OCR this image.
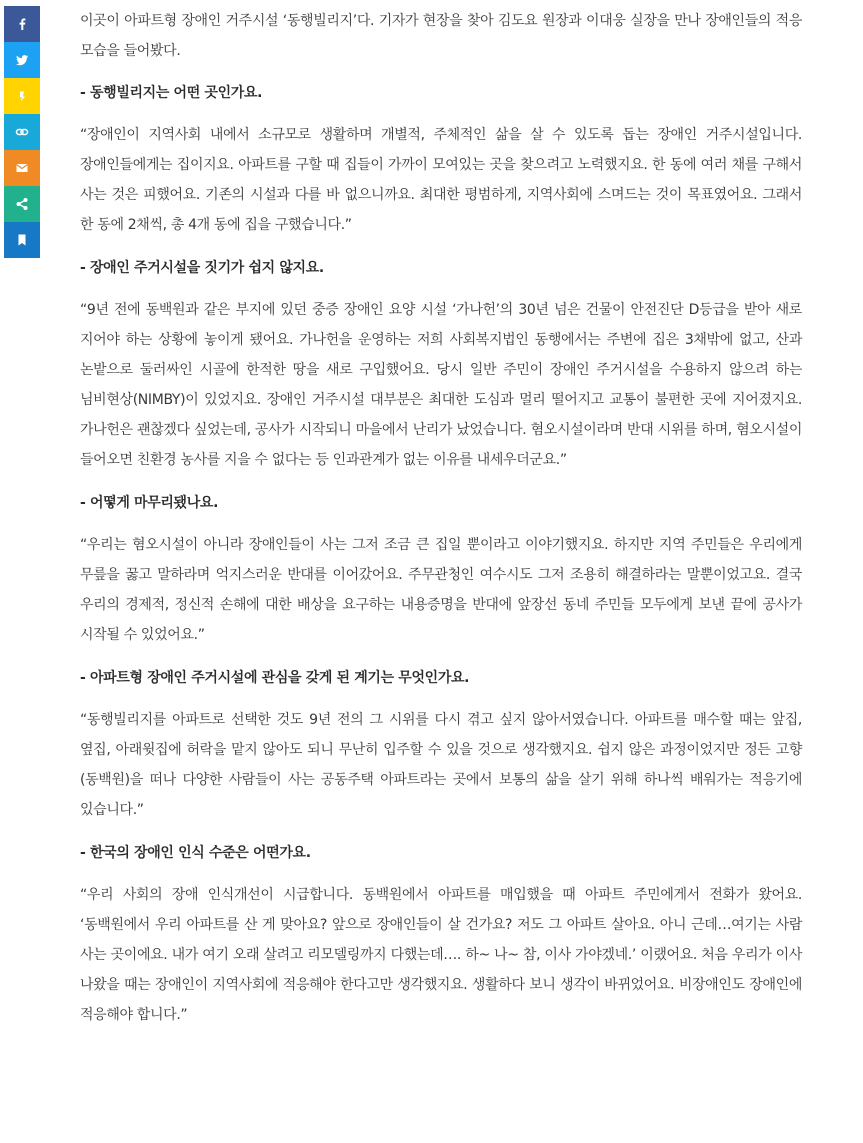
이곳이 아파트형 장애인 거주시설 ‘동행빌리지’다. 기자가 현장을 찾아 김도요 원장과 이대웅 실장을 만나 장애인들의 적응 모습을 들어봤다.

- 동행빌리지는 어떤 곳인가요.

“장애인이 지역사회 내에서 소규모로 생활하며 개별적, 주체적인 삶을 살 수 있도록 돕는 장애인 거주시설입니다. 장애인들에게는 집이지요. 아파트를 구할 때 집들이 가까이 모여있는 곳을 찾으려고 노력했지요. 한 동에 여러 채를 구해서 사는 것은 피했어요. 기존의 시설과 다를 바 없으니까요. 최대한 평범하게, 지역사회에 스며드는 것이 목표였어요. 그래서 한 동에 2채씩, 총 4개 동에 집을 구했습니다.”

- 장애인 주거시설을 짓기가 쉽지 않지요.

“9년 전에 동백원과 같은 부지에 있던 중증 장애인 요양 시설 ‘가나헌’의 30년 넘은 건물이 안전진단 D등급을 받아 새로 지어야 하는 상황에 놓이게 됐어요. 가나헌을 운영하는 저희 사회복지법인 동행에서는 주변에 집은 3채밖에 없고, 산과 논밭으로 둘러싸인 시골에 한적한 땅을 새로 구입했어요. 당시 일반 주민이 장애인 주거시설을 수용하지 않으려 하는 님비현상(NIMBY)이 있었지요. 장애인 거주시설 대부분은 최대한 도심과 멀리 떨어지고 교통이 불편한 곳에 지어졌지요. 가나헌은 괜찮겠다 싶었는데, 공사가 시작되니 마을에서 난리가 났었습니다. 혐오시설이라며 반대 시위를 하며, 혐오시설이 들어오면 친환경 농사를 지을 수 없다는 등 인과관계가 없는 이유를 내세우더군요.”

- 어떻게 마무리됐나요.

“우리는 혐오시설이 아니라 장애인들이 사는 그저 조금 큰 집일 뿐이라고 이야기했지요. 하지만 지역 주민들은 우리에게 무릎을 꿇고 말하라며 억지스러운 반대를 이어갔어요. 주무관청인 여수시도 그저 조용히 해결하라는 말뿐이었고요. 결국 우리의 경제적, 정신적 손해에 대한 배상을 요구하는 내용증명을 반대에 앞장선 동네 주민들 모두에게 보낸 끝에 공사가 시작될 수 있었어요.”

- 아파트형 장애인 주거시설에 관심을 갖게 된 계기는 무엇인가요.

“동행빌리지를 아파트로 선택한 것도 9년 전의 그 시위를 다시 겪고 싶지 않아서였습니다. 아파트를 매수할 때는 앞집, 옆집, 아래윗집에 허락을 맡지 않아도 되니 무난히 입주할 수 있을 것으로 생각했지요. 쉽지 않은 과정이었지만 정든 고향(동백원)을 떠나 다양한 사람들이 사는 공동주택 아파트라는 곳에서 보통의 삶을 살기 위해 하나씩 배워가는 적응기에 있습니다.”

- 한국의 장애인 인식 수준은 어떤가요.

“우리 사회의 장애 인식개선이 시급합니다. 동백원에서 아파트를 매입했을 때 아파트 주민에게서 전화가 왔어요. ‘동백원에서 우리 아파트를 산 게 맞아요? 앞으로 장애인들이 살 건가요? 저도 그 아파트 살아요. 아니 근데…여기는 사람 사는 곳이에요. 내가 여기 오래 살려고 리모델링까지 다했는데…. 하~ 나~ 참, 이사 가야겠네.’ 이랬어요. 처음 우리가 이사 나왔을 때는 장애인이 지역사회에 적응해야 한다고만 생각했지요. 생활하다 보니 생각이 바뀌었어요. 비장애인도 장애인에 적응해야 합니다.”
